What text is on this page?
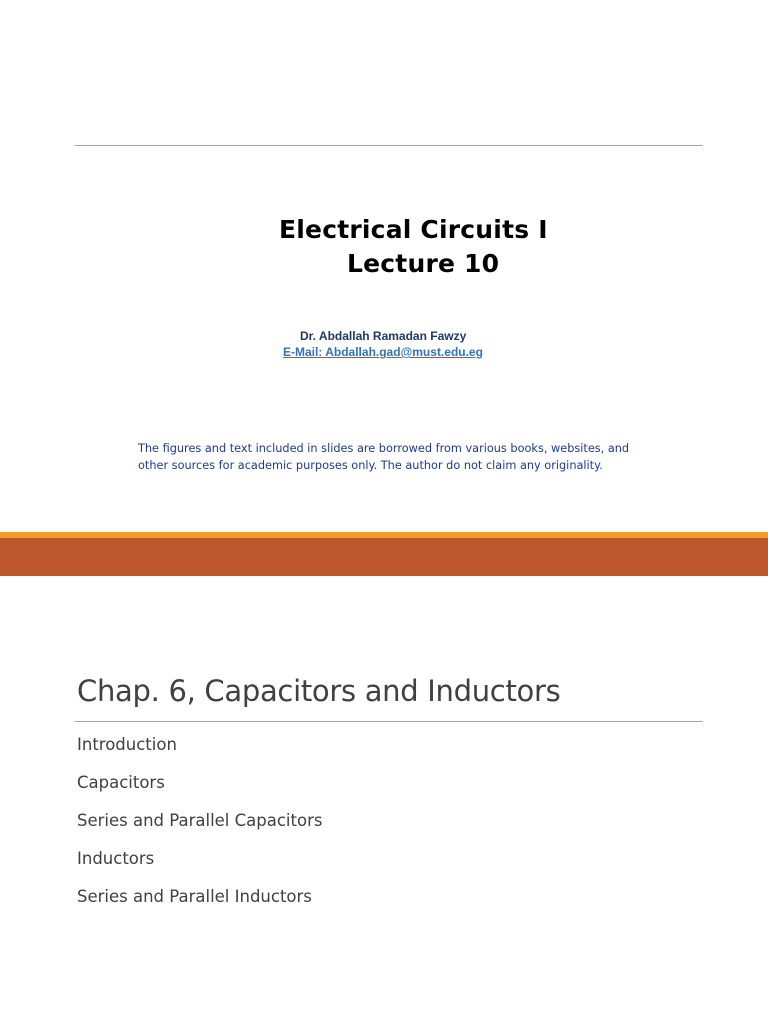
Electrical Circuits I
Lecture 10
Dr. Abdallah Ramadan Fawzy
E-Mail: Abdallah.gad@must.edu.eg
The figures and text included in slides are borrowed from various books, websites, and other sources for academic purposes only. The author do not claim any originality.
Chap. 6, Capacitors and Inductors
Introduction
Capacitors
Series and Parallel Capacitors
Inductors
Series and Parallel Inductors
